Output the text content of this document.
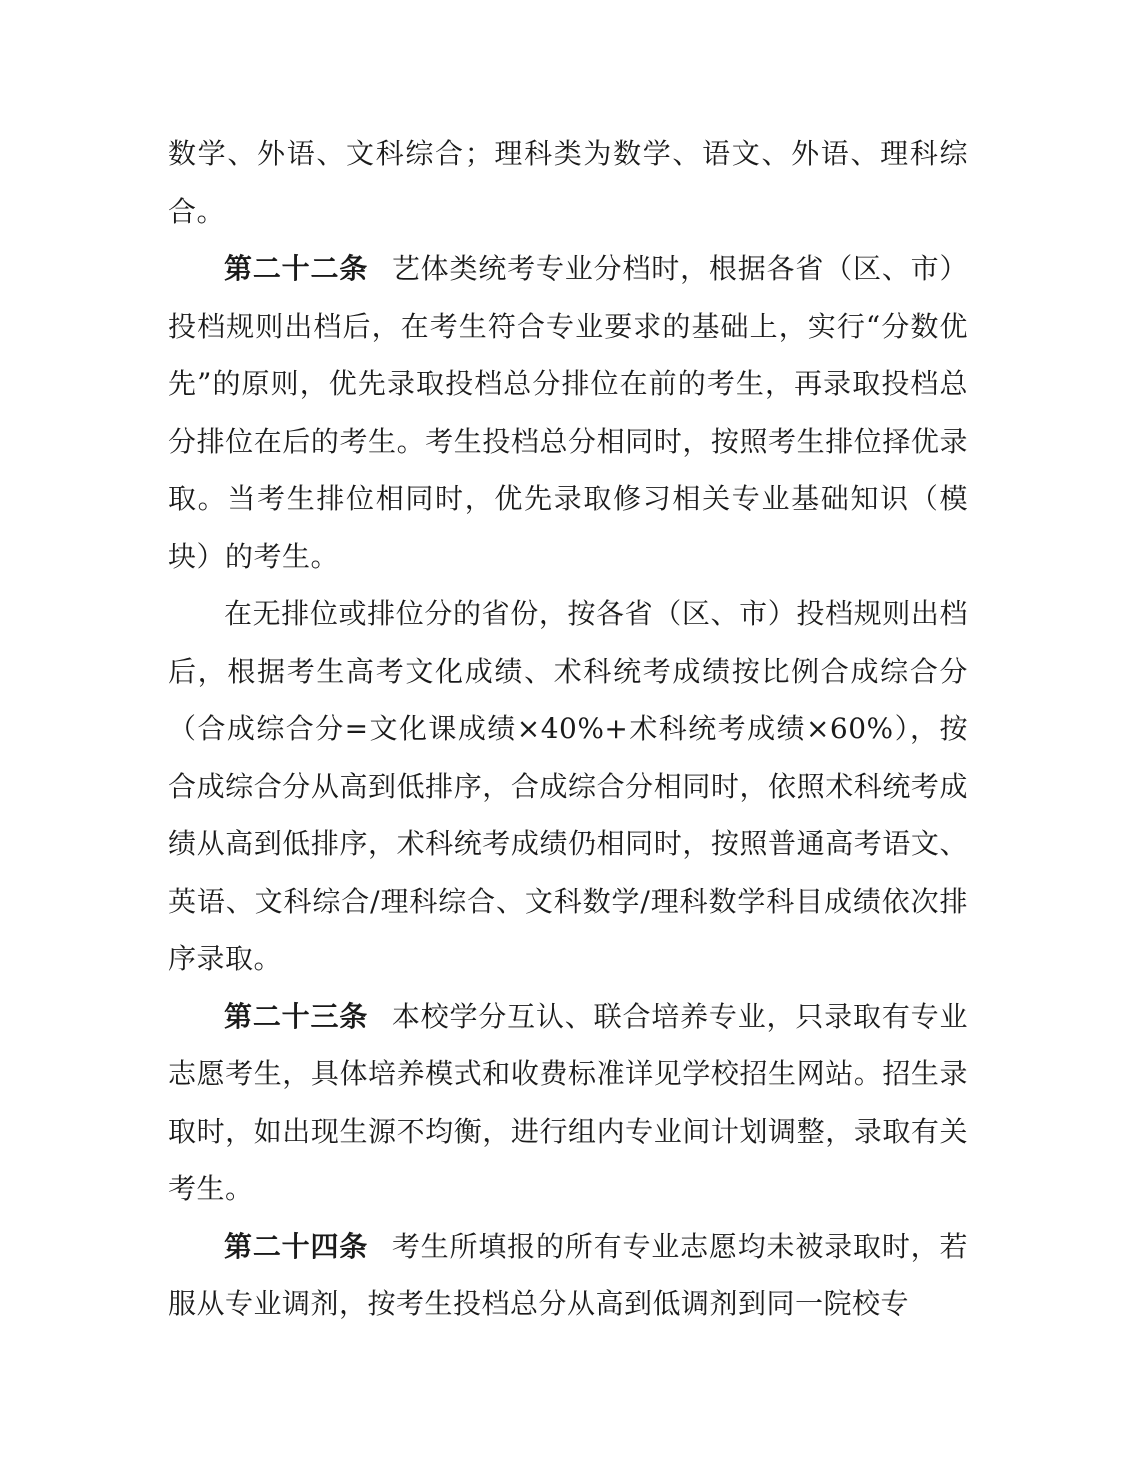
数学、外语、文科综合；理科类为数学、语文、外语、理科综合。

第二十二条 艺体类统考专业分档时，根据各省（区、市）投档规则出档后，在考生符合专业要求的基础上，实行“分数优先”的原则，优先录取投档总分排位在前的考生，再录取投档总分排位在后的考生。考生投档总分相同时，按照考生排位择优录取。当考生排位相同时，优先录取修习相关专业基础知识（模块）的考生。

在无排位或排位分的省份，按各省（区、市）投档规则出档后，根据考生高考文化成绩、术科统考成绩按比例合成综合分（合成综合分=文化课成绩×40%+术科统考成绩×60%），按合成综合分从高到低排序，合成综合分相同时，依照术科统考成绩从高到低排序，术科统考成绩仍相同时，按照普通高考语文、英语、文科综合/理科综合、文科数学/理科数学科目成绩依次排序录取。

第二十三条 本校学分互认、联合培养专业，只录取有专业志愿考生，具体培养模式和收费标准详见学校招生网站。招生录取时，如出现生源不均衡，进行组内专业间计划调整，录取有关考生。

第二十四条 考生所填报的所有专业志愿均未被录取时，若服从专业调剂，按考生投档总分从高到低调剂到同一院校专
